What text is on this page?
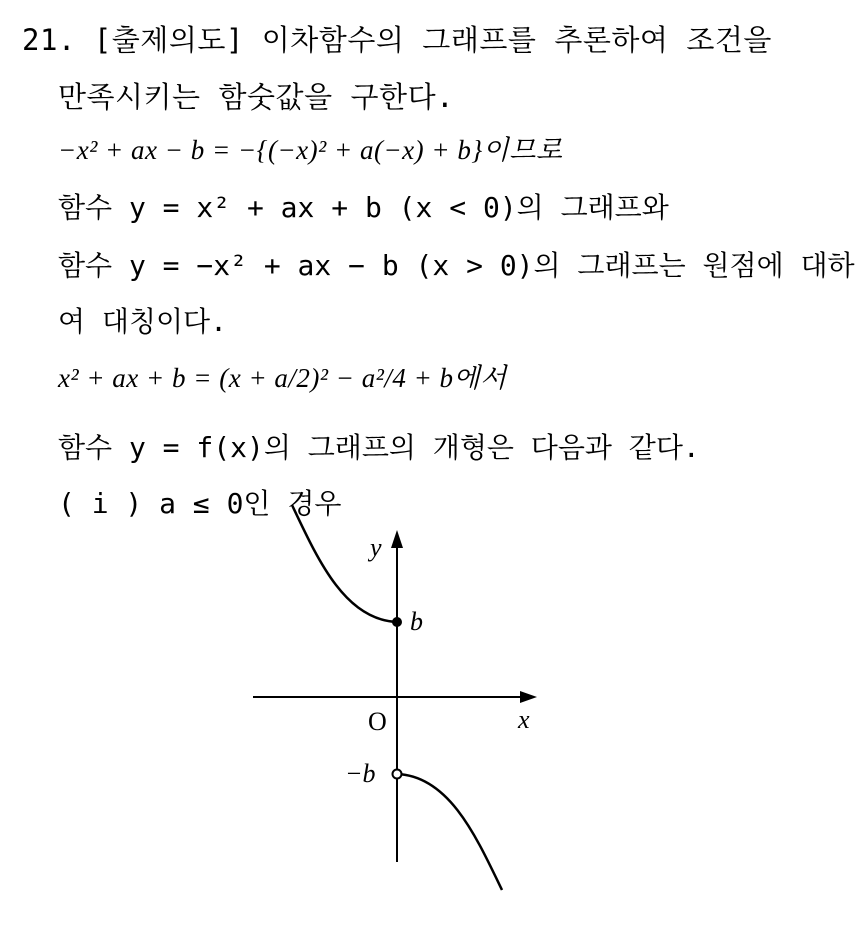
21. [출제의도] 이차함수의 그래프를 추론하여 조건을
만족시키는 함숫값을 구한다.
−x² + ax − b = −{(−x)² + a(−x) + b}이므로
함수 y = x² + ax + b (x < 0)의 그래프와
함수 y = −x² + ax − b (x > 0)의 그래프는 원점에 대하
여 대칭이다.
x² + ax + b = (x + a/2)² − a²/4 + b에서
함수 y = f(x)의 그래프의 개형은 다음과 같다.
( i ) a ≤ 0인 경우
y
x
O
b
−b
